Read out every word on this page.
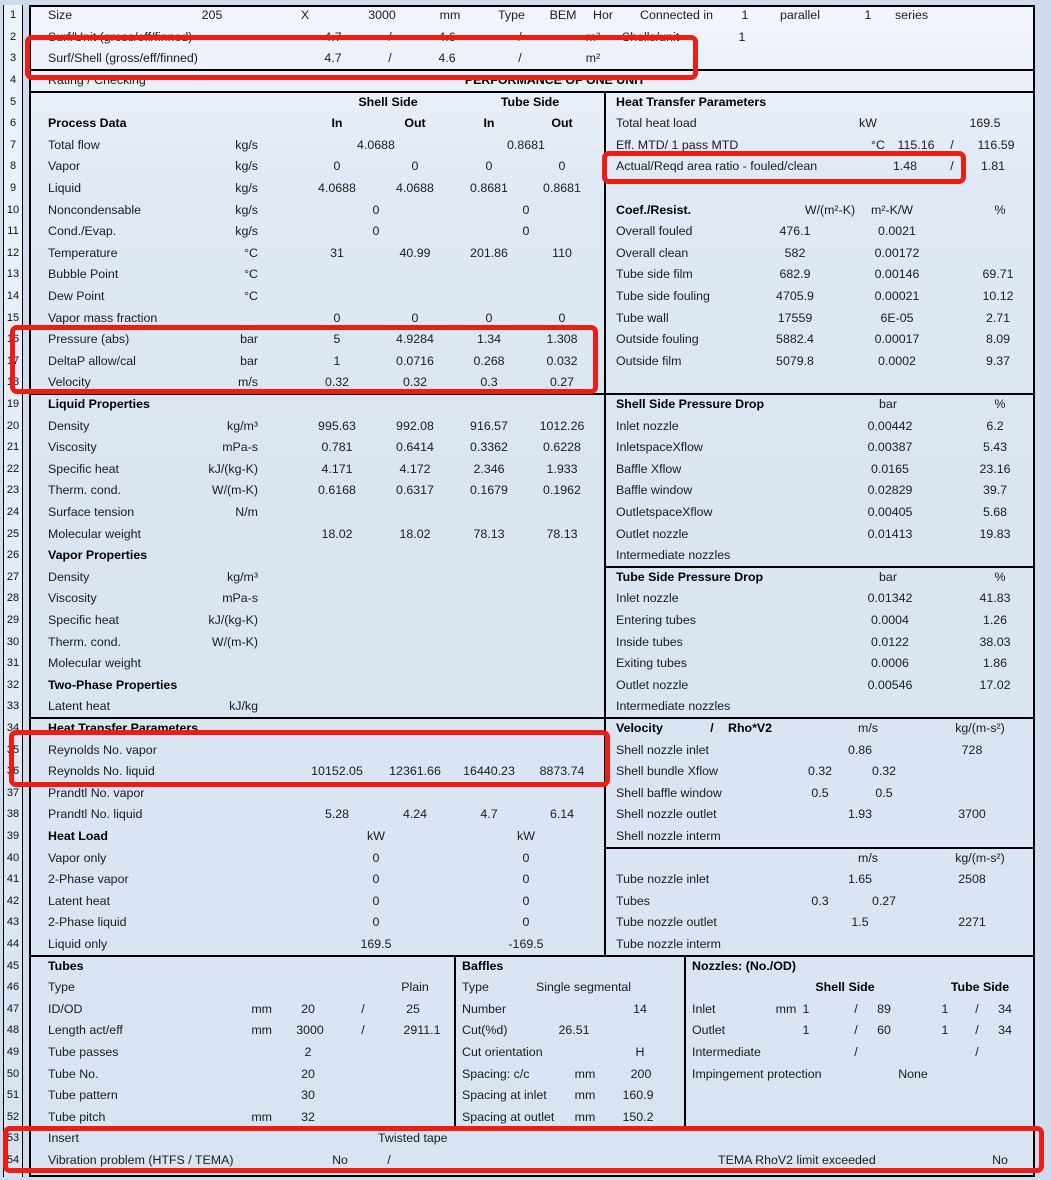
Size	205	X	3000	mm	Type BEM Hor Connected in 1	parallel	1 series
Surf/Unit (gross/eff/finned)	4.7	/	4.6	/	m² Shells/unit	1
Surf/Shell (gross/eff/finned)	4.7	/	4.6	/	m²
Rating / Checking	PERFORMANCE OF ONE UNIT
Shell Side	Tube Side
Process Data	In	Out	In	Out
Total flow	kg/s	4.0688	0.8681
Vapor	kg/s	0	0	0	0
Liquid	kg/s	4.0688	4.0688	0.8681	0.8681
Noncondensable	kg/s	0	0
Cond./Evap.	kg/s	0	0
Temperature	°C	31	40.99	201.86	110
Bubble Point	°C
Dew Point	°C
Vapor mass fraction	0	0	0	0
Pressure (abs)	bar	5	4.9284	1.34	1.308
DeltaP allow/cal	bar	1	0.0716	0.268	0.032
Velocity	m/s	0.32	0.32	0.3	0.27
Liquid Properties
Density	kg/m³	995.63	992.08	916.57	1012.26
Viscosity	mPa-s	0.781	0.6414	0.3362	0.6228
Specific heat	kJ/(kg-K)	4.171	4.172	2.346	1.933
Therm. cond.	W/(m-K)	0.6168	0.6317	0.1679	0.1962
Surface tension	N/m
Molecular weight	18.02	18.02	78.13	78.13
Vapor Properties
Density	kg/m³
Viscosity	mPa-s
Specific heat	kJ/(kg-K)
Therm. cond.	W/(m-K)
Molecular weight
Two-Phase Properties
Latent heat	kJ/kg
Heat Transfer Parameters
Reynolds No. vapor
Reynolds No. liquid	10152.05 12361.66 16440.23 8873.74
Prandtl No. vapor
Prandtl No. liquid	5.28	4.24	4.7	6.14
Heat Load	kW	kW
Vapor only	0	0
2-Phase vapor	0	0
Latent heat	0	0
2-Phase liquid	0	0
Liquid only	169.5	-169.5
Heat Transfer Parameters
Total heat load	kW	169.5
Eff. MTD/ 1 pass MTD	°C 115.16 / 116.59
Actual/Reqd area ratio - fouled/clean	1.48	/ 1.81
Coef./Resist.	W/(m²-K) m²-K/W	%
Overall fouled	476.1	0.0021
Overall clean	582	0.00172
Tube side film	682.9	0.00146	69.71
Tube side fouling	4705.9	0.00021	10.12
Tube wall	17559	6E-05	2.71
Outside fouling	5882.4	0.00017	8.09
Outside film	5079.8	0.0002	9.37
Shell Side Pressure Drop	bar	%
Inlet nozzle	0.00442	6.2
InletspaceXflow	0.00387	5.43
Baffle Xflow	0.0165	23.16
Baffle window	0.02829	39.7
OutletspaceXflow	0.00405	5.68
Outlet nozzle	0.01413	19.83
Intermediate nozzles
Tube Side Pressure Drop	bar	%
Inlet nozzle	0.01342	41.83
Entering tubes	0.0004	1.26
Inside tubes	0.0122	38.03
Exiting tubes	0.0006	1.86
Outlet nozzle	0.00546	17.02
Intermediate nozzles
Velocity	/ Rho*V2	m/s	kg/(m-s²)
Shell nozzle inlet	0.86	728
Shell bundle Xflow	0.32	0.32
Shell baffle window	0.5	0.5
Shell nozzle outlet	1.93	3700
Shell nozzle interm
m/s	kg/(m-s²)
Tube nozzle inlet	1.65	2508
Tubes	0.3	0.27
Tube nozzle outlet	1.5	2271
Tube nozzle interm
Tubes
Type	Plain
ID/OD	mm 20	/	25
Length act/eff	mm 3000	/	2911.1
Tube passes	2
Tube No.	20
Tube pattern	30
Tube pitch	mm 32
Baffles
Type	Single segmental
Number	14
Cut(%d)	26.51
Cut orientation	H
Spacing: c/c	mm	200
Spacing at inlet mm 160.9
Spacing at outlet mm 150.2
Nozzles: (No./OD)
Shell Side	Tube Side
Inlet	mm 1	/ 89	1 / 34
Outlet	1	/ 60	1 / 34
Intermediate	/	/
Impingement protection	None
Insert	Twisted tape
Vibration problem (HTFS / TEMA)	No	/	TEMA RhoV2 limit exceeded	No
1
2
3
4
5
6
7
8
9
10
11
12
13
14
15
16
17
18
19
20
21
22
23
24
25
26
27
28
29
30
31
32
33
34
35
36
37
38
39
40
41
42
43
44
45
46
47
48
49
50
51
52
53
54
